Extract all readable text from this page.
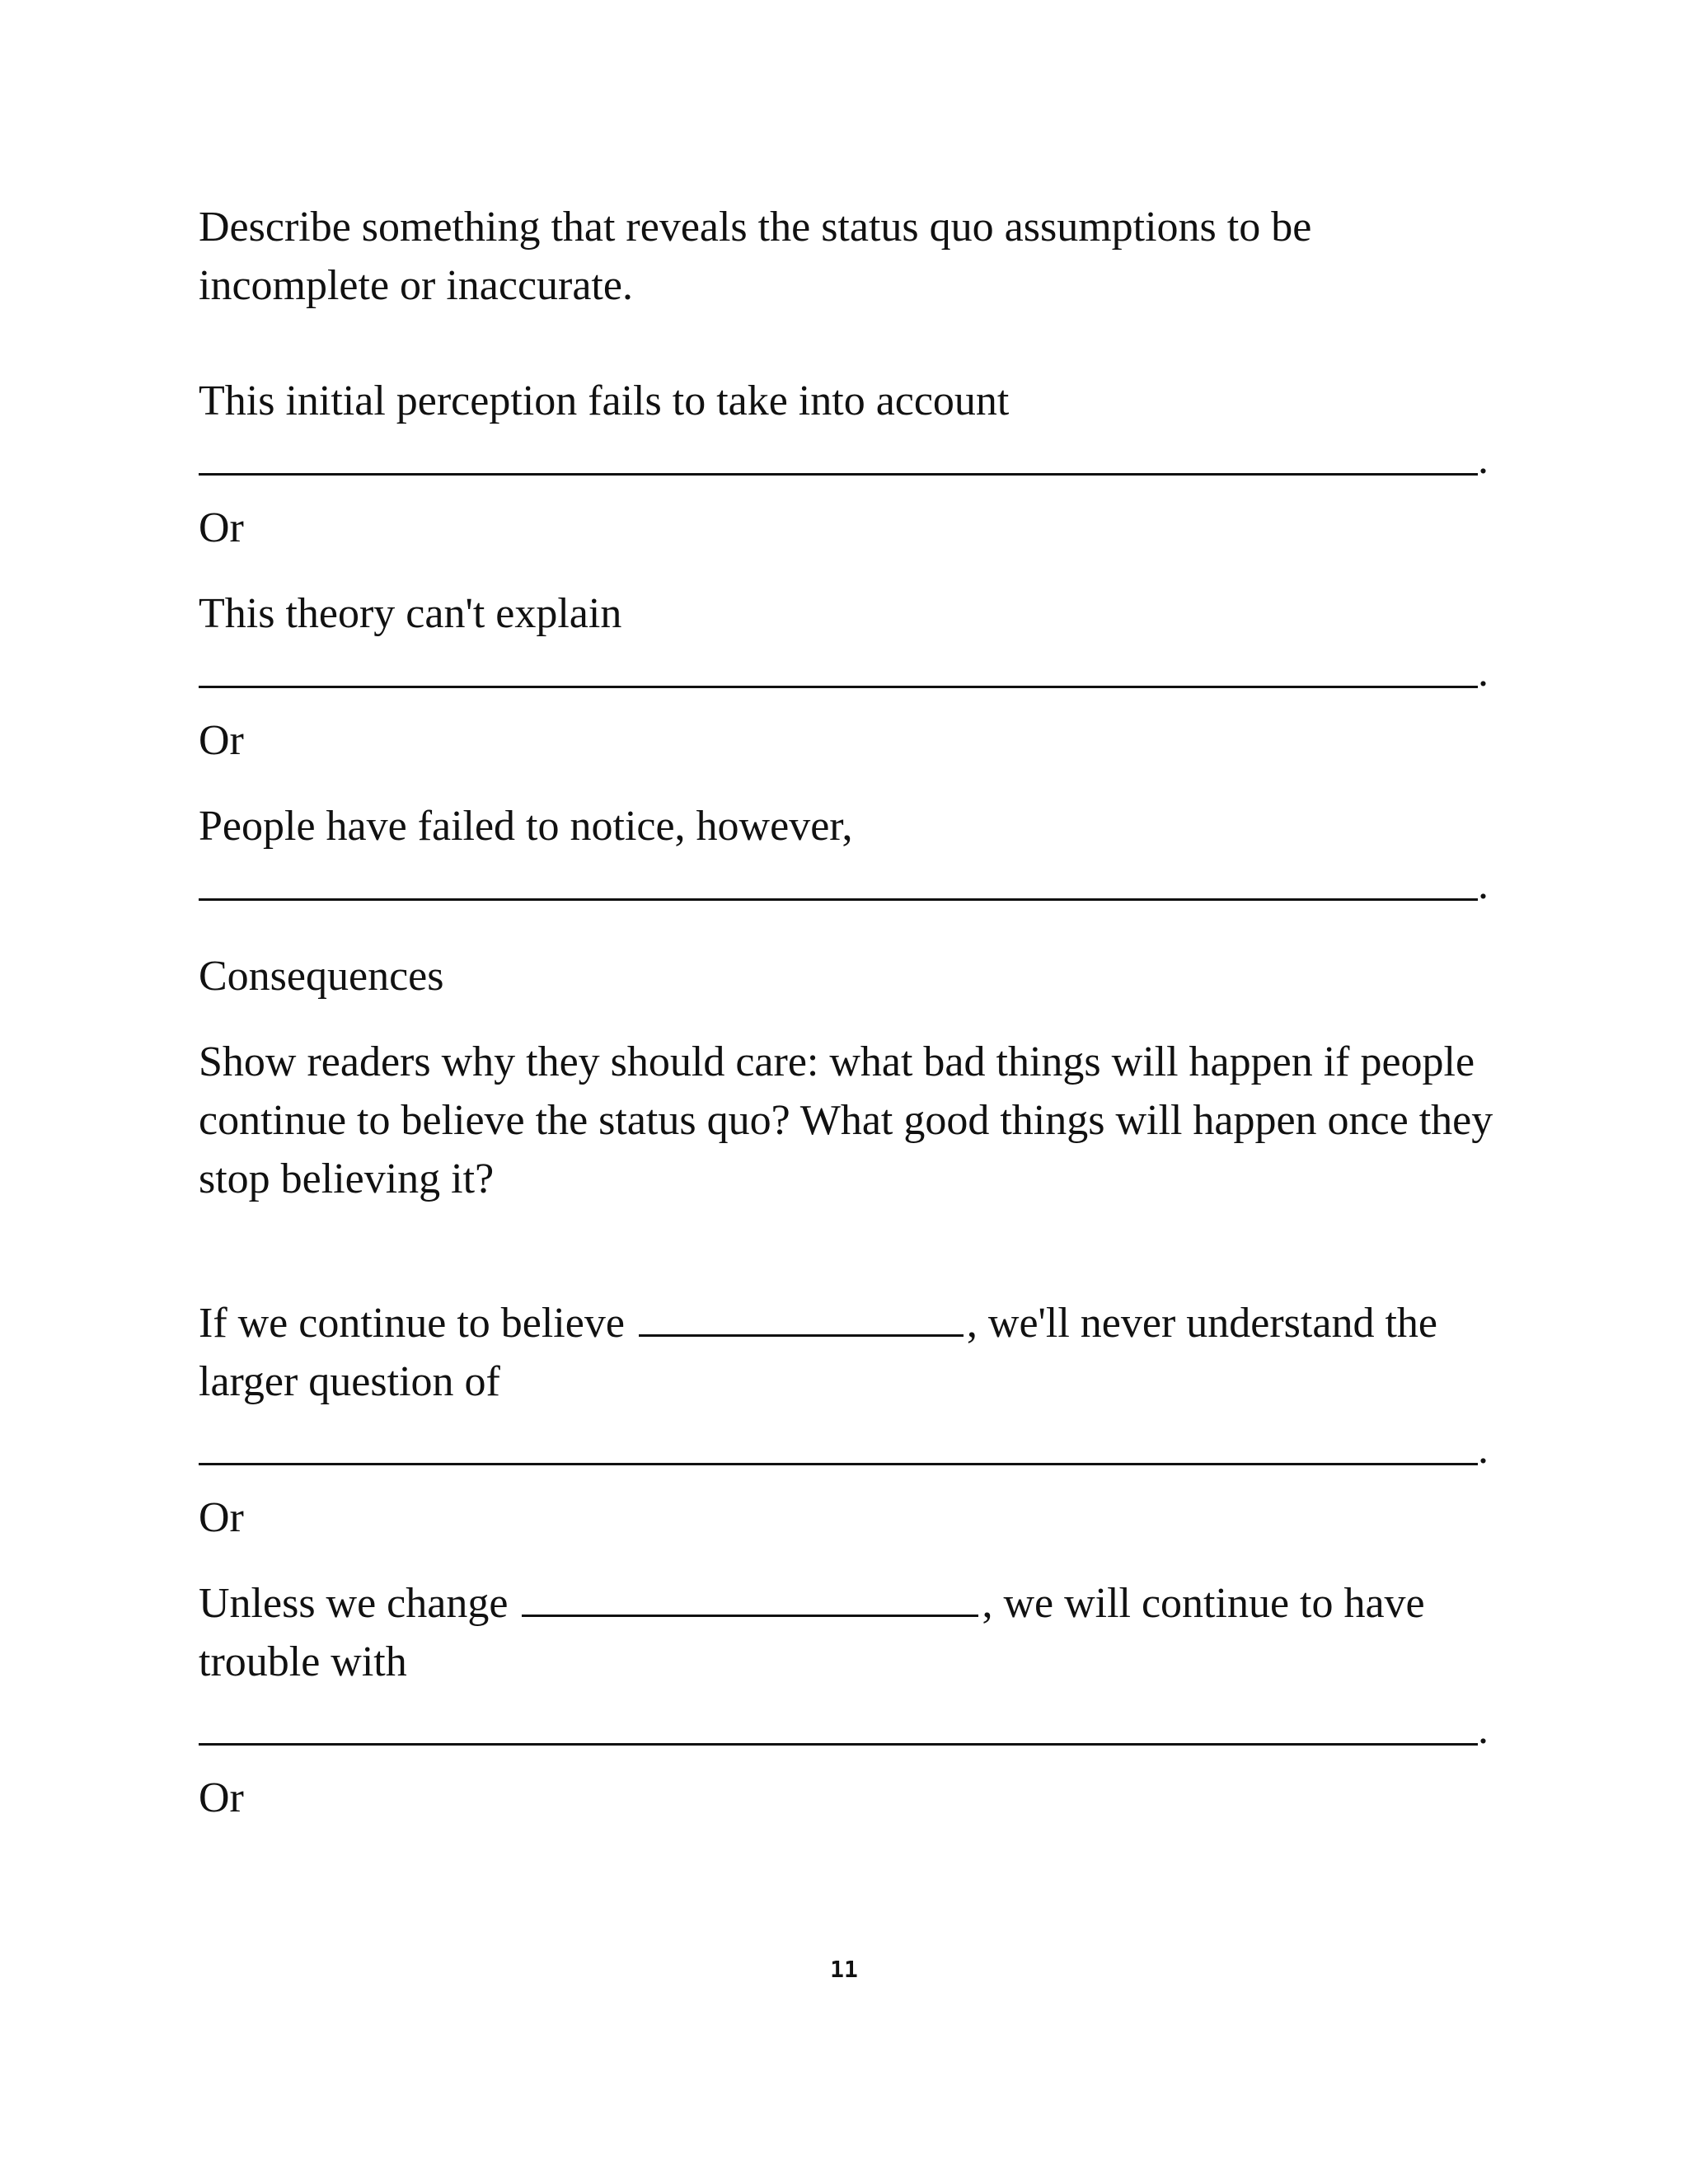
Describe something that reveals the status quo assumptions to be incomplete or inaccurate.

This initial perception fails to take into account

.

Or

This theory can't explain

.

Or

People have failed to notice, however,

.

Consequences

Show readers why they should care: what bad things will happen if people continue to believe the status quo? What good things will happen once they stop believing it?

If we continue to believe	, we'll never understand the larger question of

.

Or

Unless we change	, we will continue to have trouble with

.

Or

11
